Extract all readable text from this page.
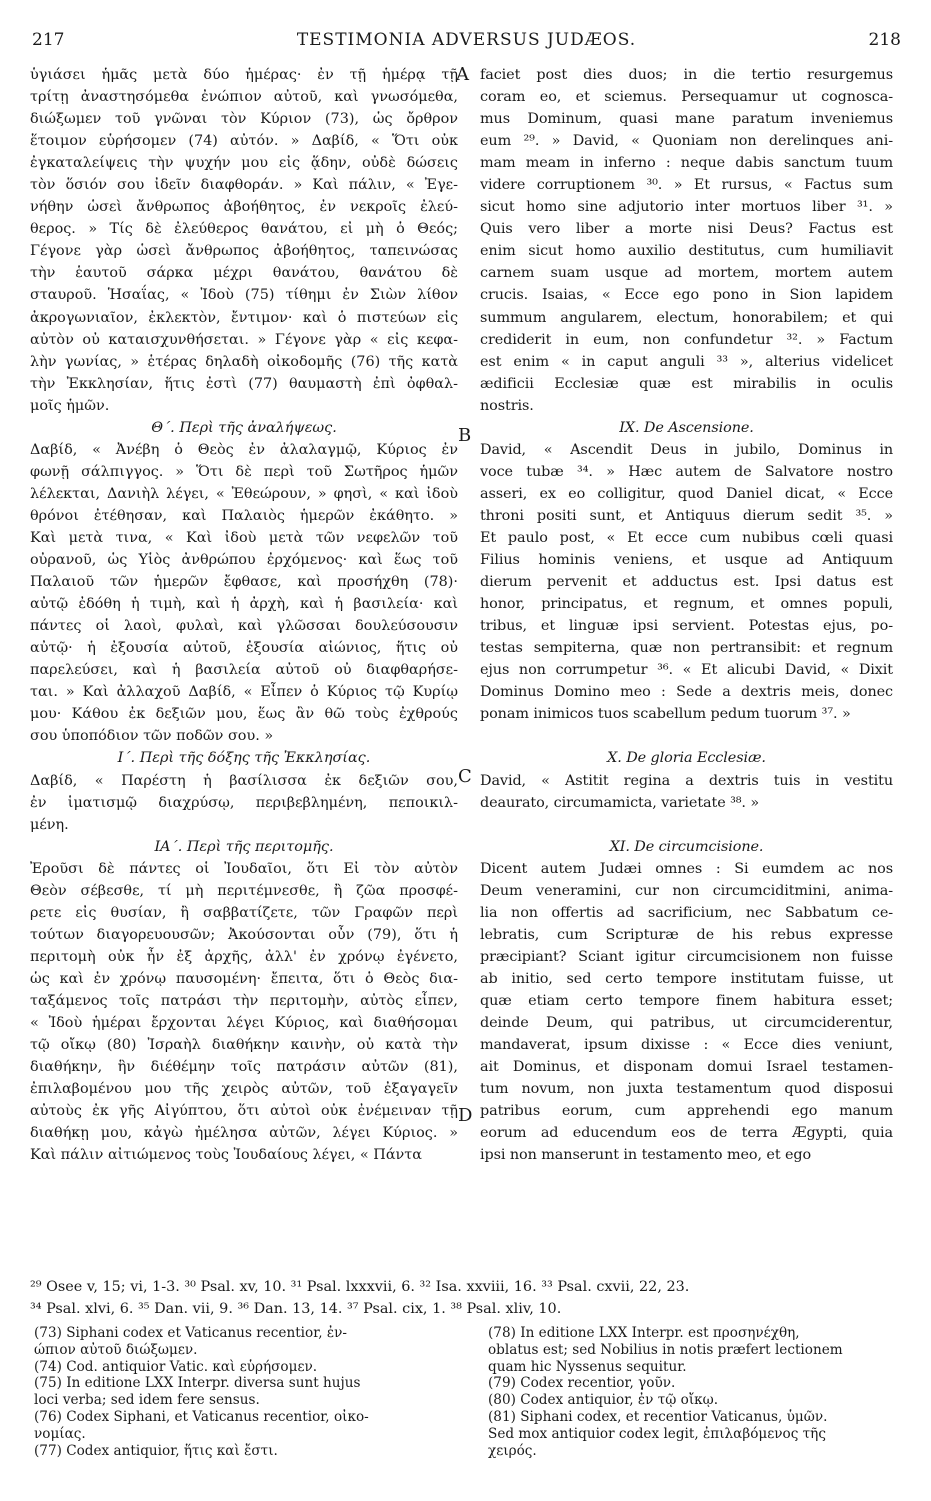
217	TESTIMONIA ADVERSUS JUDÆOS.	218
ὑγιάσει ἡμᾶς μετὰ δύο ἡμέρας· ἐν τῇ ἡμέρᾳ τῇ
τρίτῃ ἀναστησόμεθα ἐνώπιον αὐτοῦ, καὶ γνωσόμεθα,
διώξωμεν τοῦ γνῶναι τὸν Κύριον (73), ὡς ὄρθρον
ἕτοιμον εὑρήσομεν (74) αὐτόν. » Δαβίδ, « Ὅτι οὐκ
ἐγκαταλείψεις τὴν ψυχήν μου εἰς ᾅδην, οὐδὲ δώσεις
τὸν ὅσιόν σου ἰδεῖν διαφθοράν. » Καὶ πάλιν, « Ἐγε-
νήθην ὡσεὶ ἄνθρωπος ἀβοήθητος, ἐν νεκροῖς ἐλεύ-
θερος. » Τίς δὲ ἐλεύθερος θανάτου, εἰ μὴ ὁ Θεός;
Γέγονε γὰρ ὡσεὶ ἄνθρωπος ἀβοήθητος, ταπεινώσας
τὴν ἑαυτοῦ σάρκα μέχρι θανάτου, θανάτου δὲ
σταυροῦ. Ἡσαΐας, « Ἰδοὺ (75) τίθημι ἐν Σιὼν λίθον
ἀκρογωνιαῖον, ἐκλεκτὸν, ἔντιμον· καὶ ὁ πιστεύων εἰς
αὐτὸν οὐ καταισχυνθήσεται. » Γέγονε γὰρ « εἰς κεφα-
λὴν γωνίας, » ἑτέρας δηλαδὴ οἰκοδομῆς (76) τῆς κατὰ
τὴν Ἐκκλησίαν, ἥτις ἐστὶ (77) θαυμαστὴ ἐπὶ ὀφθαλ-
μοῖς ἡμῶν.
Θ΄. Περὶ τῆς ἀναλήψεως.
Δαβίδ, « Ἀνέβη ὁ Θεὸς ἐν ἀλαλαγμῷ, Κύριος ἐν
φωνῇ σάλπιγγος. » Ὅτι δὲ περὶ τοῦ Σωτῆρος ἡμῶν
λέλεκται, Δανιὴλ λέγει, « Ἐθεώρουν, » φησὶ, « καὶ ἰδοὺ
θρόνοι ἐτέθησαν, καὶ Παλαιὸς ἡμερῶν ἐκάθητο. »
Καὶ μετὰ τινα, « Καὶ ἰδοὺ μετὰ τῶν νεφελῶν τοῦ
οὐρανοῦ, ὡς Υἱὸς ἀνθρώπου ἐρχόμενος· καὶ ἕως τοῦ
Παλαιοῦ τῶν ἡμερῶν ἔφθασε, καὶ προσήχθη (78)·
αὐτῷ ἐδόθη ἡ τιμὴ, καὶ ἡ ἀρχὴ, καὶ ἡ βασιλεία· καὶ
πάντες οἱ λαοὶ, φυλαὶ, καὶ γλῶσσαι δουλεύσουσιν
αὐτῷ· ἡ ἐξουσία αὐτοῦ, ἐξουσία αἰώνιος, ἥτις οὐ
παρελεύσει, καὶ ἡ βασιλεία αὐτοῦ οὐ διαφθαρήσε-
ται. » Καὶ ἀλλαχοῦ Δαβίδ, « Εἶπεν ὁ Κύριος τῷ Κυρίῳ
μου· Κάθου ἐκ δεξιῶν μου, ἕως ἂν θῶ τοὺς ἐχθρούς
σου ὑποπόδιον τῶν ποδῶν σου. »
Ι΄. Περὶ τῆς δόξης τῆς Ἐκκλησίας.
Δαβίδ, « Παρέστη ἡ βασίλισσα ἐκ δεξιῶν σου,
ἐν ἱματισμῷ διαχρύσῳ, περιβεβλημένη, πεποικιλ-
μένη.
ΙΑ΄. Περὶ τῆς περιτομῆς.
Ἐροῦσι δὲ πάντες οἱ Ἰουδαῖοι, ὅτι Εἰ τὸν αὐτὸν
Θεὸν σέβεσθε, τί μὴ περιτέμνεσθε, ἢ ζῶα προσφέ-
ρετε εἰς θυσίαν, ἢ σαββατίζετε, τῶν Γραφῶν περὶ
τούτων διαγορευουσῶν; Ἀκούσονται οὖν (79), ὅτι ἡ
περιτομὴ οὐκ ἦν ἐξ ἀρχῆς, ἀλλ' ἐν χρόνῳ ἐγένετο,
ὡς καὶ ἐν χρόνῳ παυσομένη· ἔπειτα, ὅτι ὁ Θεὸς δια-
ταξάμενος τοῖς πατράσι τὴν περιτομὴν, αὐτὸς εἶπεν,
« Ἰδοὺ ἡμέραι ἔρχονται λέγει Κύριος, καὶ διαθήσομαι
τῷ οἴκῳ (80) Ἰσραὴλ διαθήκην καινὴν, οὐ κατὰ τὴν
διαθήκην, ἣν διέθέμην τοῖς πατράσιν αὐτῶν (81),
ἐπιλαβομένου μου τῆς χειρὸς αὐτῶν, τοῦ ἐξαγαγεῖν
αὐτοὺς ἐκ γῆς Αἰγύπτου, ὅτι αὐτοὶ οὐκ ἐνέμειναν τῇ
διαθήκῃ μου, κἀγὼ ἠμέλησα αὐτῶν, λέγει Κύριος. »
Καὶ πάλιν αἰτιώμενος τοὺς Ἰουδαίους λέγει, « Πάντα
faciet post dies duos; in die tertio resurgemus
coram eo, et sciemus. Persequamur ut cognosca-
mus Dominum, quasi mane paratum inveniemus
eum ²⁹. » David, « Quoniam non derelinques ani-
mam meam in inferno : neque dabis sanctum tuum
videre corruptionem ³⁰. » Et rursus, « Factus sum
sicut homo sine adjutorio inter mortuos liber ³¹. »
Quis vero liber a morte nisi Deus? Factus est
enim sicut homo auxilio destitutus, cum humiliavit
carnem suam usque ad mortem, mortem autem
crucis. Isaias, « Ecce ego pono in Sion lapidem
summum angularem, electum, honorabilem; et qui
crediderit in eum, non confundetur ³². » Factum
est enim « in caput anguli ³³ », alterius videlicet
ædificii Ecclesiæ quæ est mirabilis in oculis
nostris.
IX. De Ascensione.
David, « Ascendit Deus in jubilo, Dominus in
voce tubæ ³⁴. » Hæc autem de Salvatore nostro
asseri, ex eo colligitur, quod Daniel dicat, « Ecce
throni positi sunt, et Antiquus dierum sedit ³⁵. »
Et paulo post, « Et ecce cum nubibus cœli quasi
Filius hominis veniens, et usque ad Antiquum
dierum pervenit et adductus est. Ipsi datus est
honor, principatus, et regnum, et omnes populi,
tribus, et linguæ ipsi servient. Potestas ejus, po-
testas sempiterna, quæ non pertransibit: et regnum
ejus non corrumpetur ³⁶. « Et alicubi David, « Dixit
Dominus Domino meo : Sede a dextris meis, donec
ponam inimicos tuos scabellum pedum tuorum ³⁷. »
X. De gloria Ecclesiæ.
David, « Astitit regina a dextris tuis in vestitu
deaurato, circumamicta, varietate ³⁸. »
XI. De circumcisione.
Dicent autem Judæi omnes : Si eumdem ac nos
Deum veneramini, cur non circumciditmini, anima-
lia non offertis ad sacrificium, nec Sabbatum ce-
lebratis, cum Scripturæ de his rebus expresse
præcipiant? Sciant igitur circumcisionem non fuisse
ab initio, sed certo tempore institutam fuisse, ut
quæ etiam certo tempore finem habitura esset;
deinde Deum, qui patribus, ut circumciderentur,
mandaverat, ipsum dixisse : « Ecce dies veniunt,
ait Dominus, et disponam domui Israel testamen-
tum novum, non juxta testamentum quod disposui
patribus eorum, cum apprehendi ego manum
eorum ad educendum eos de terra Ægypti, quia
ipsi non manserunt in testamento meo, et ego
A
B
C
D
²⁹ Osee v, 15; vi, 1-3. ³⁰ Psal. xv, 10. ³¹ Psal. lxxxvii, 6. ³² Isa. xxviii, 16. ³³ Psal. cxvii, 22, 23.
³⁴ Psal. xlvi, 6. ³⁵ Dan. vii, 9. ³⁶ Dan. 13, 14. ³⁷ Psal. cix, 1. ³⁸ Psal. xliv, 10.
(73) Siphani codex et Vaticanus recentior, ἐν-
ώπιον αὐτοῦ διώξωμεν.
(74) Cod. antiquior Vatic. καὶ εὑρήσομεν.
(75) In editione LXX Interpr. diversa sunt hujus
loci verba; sed idem fere sensus.
(76) Codex Siphani, et Vaticanus recentior, οἰκο-
νομίας.
(77) Codex antiquior, ἥτις καὶ ἔστι.
(78) In editione LXX Interpr. est προσηνέχθη,
oblatus est; sed Nobilius in notis præfert lectionem
quam hic Nyssenus sequitur.
(79) Codex recentior, γοῦν.
(80) Codex antiquior, ἐν τῷ οἴκῳ.
(81) Siphani codex, et recentior Vaticanus, ὑμῶν.
Sed mox antiquior codex legit, ἐπιλαβόμενος τῆς
χειρός.
